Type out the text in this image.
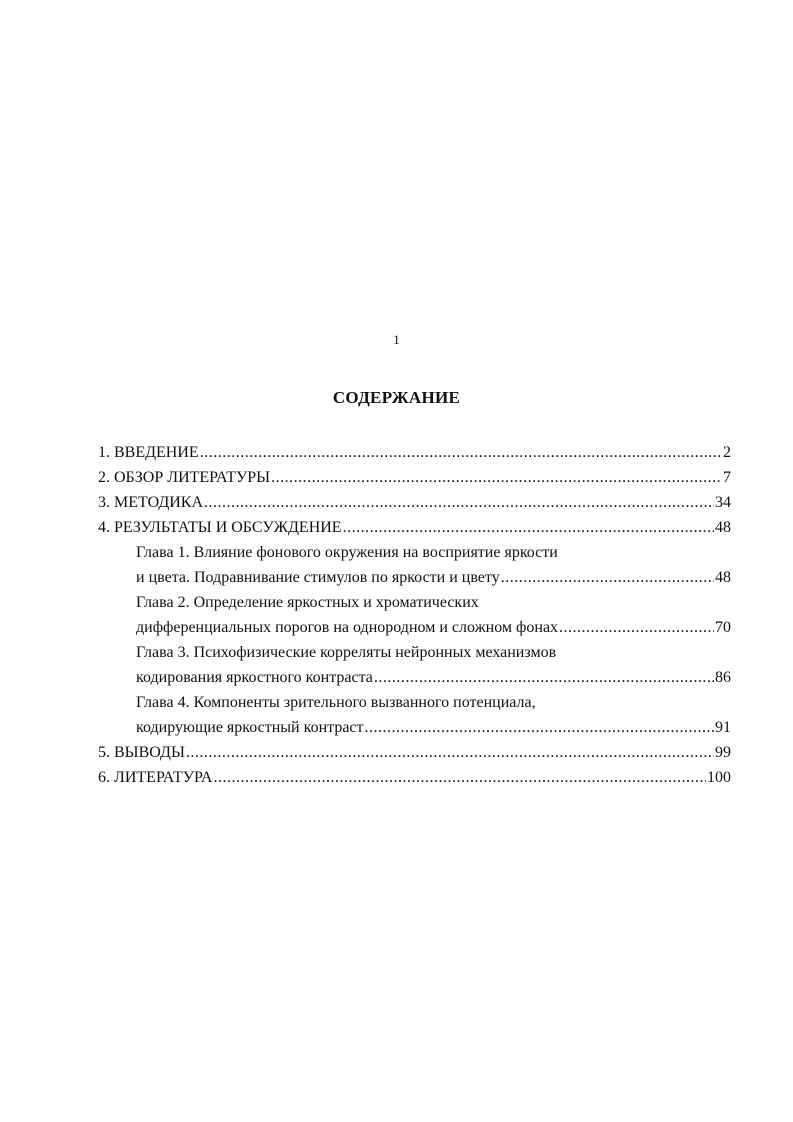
1
СОДЕРЖАНИЕ
1. ВВЕДЕНИЕ .....	2
2. ОБЗОР ЛИТЕРАТУРЫ .....	7
3. МЕТОДИКА .....	34
4. РЕЗУЛЬТАТЫ И ОБСУЖДЕНИЕ .....	48
Глава 1. Влияние фонового окружения на восприятие яркости
и цвета. Подравнивание стимулов по яркости и цвету .....	48
Глава 2. Определение яркостных и хроматических
дифференциальных порогов на однородном и сложном фонах .....	70
Глава 3. Психофизические корреляты нейронных механизмов
кодирования яркостного контраста .....	86
Глава 4. Компоненты зрительного вызванного потенциала,
кодирующие яркостный контраст .....	91
5. ВЫВОДЫ .....	99
6. ЛИТЕРАТУРА .....	100
